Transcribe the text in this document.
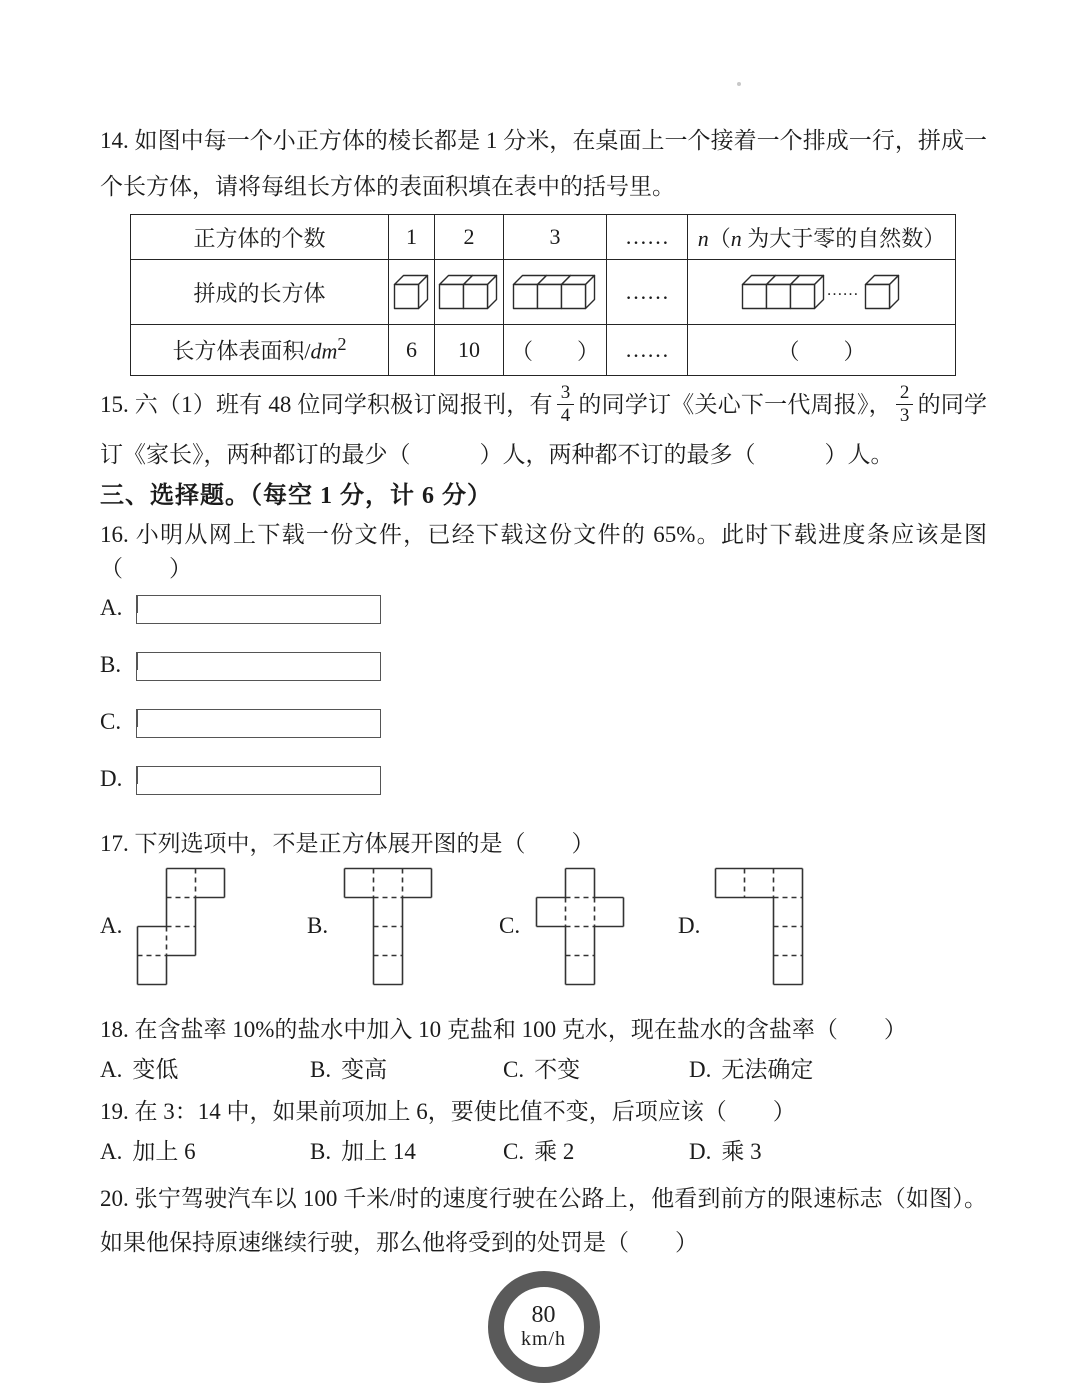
14. 如图中每一个小正方体的棱长都是 1 分米，在桌面上一个接着一个排成一行，拼成一个长方体，请将每组长方体的表面积填在表中的括号里。

正方体的个数	1	2	3	……	n（n 为大于零的自然数）
拼成的长方体				……	……

长方体表面积$/dm^2$	6	10	（　　）	……	（　　）

15. 六（1）班有 48 位同学积极订阅报刊，有 $\frac{3}{4}$ 的同学订《关心下一代周报》， $\frac{2}{3}$ 的同学订《家长》，两种都订的最少（　　　）人，两种都不订的最多（　　　）人。

三、选择题。（每空 1 分，计 6 分）

16. 小明从网上下载一份文件，已经下载这份文件的 65%。此时下载进度条应该是图（　　）

A.
B.
C.
D.

17. 下列选项中，不是正方体展开图的是（　　）

A.	B.	C.	D.

18. 在含盐率 10%的盐水中加入 10 克盐和 100 克水，现在盐水的含盐率（　　）

A. 变低	B. 变高	C. 不变	D. 无法确定

19. 在 3：14 中，如果前项加上 6，要使比值不变，后项应该（　　）

A. 加上 6	B. 加上 14	C. 乘 2	D. 乘 3

20. 张宁驾驶汽车以 100 千米/时的速度行驶在公路上，他看到前方的限速标志（如图）。如果他保持原速继续行驶，那么他将受到的处罚是（　　）

80
km/h
